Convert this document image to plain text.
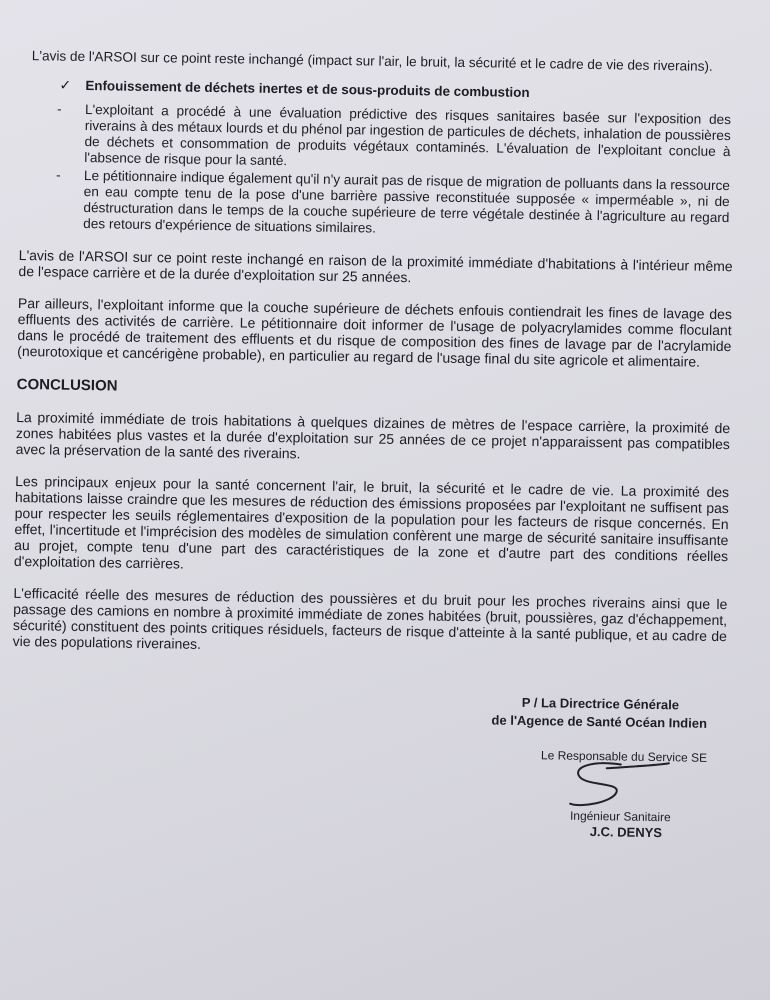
L'avis de l'ARSOI sur ce point reste inchangé (impact sur l'air, le bruit, la sécurité et le cadre de vie des riverains).

✓	Enfouissement de déchets inertes et de sous-produits de combustion
-	L'exploitant a procédé à une évaluation prédictive des risques sanitaires basée sur l'exposition des riverains à des métaux lourds et du phénol par ingestion de particules de déchets, inhalation de poussières de déchets et consommation de produits végétaux contaminés. L'évaluation de l'exploitant conclue à l'absence de risque pour la santé.
-	Le pétitionnaire indique également qu'il n'y aurait pas de risque de migration de polluants dans la ressource en eau compte tenu de la pose d'une barrière passive reconstituée supposée « imperméable », ni de déstructuration dans le temps de la couche supérieure de terre végétale destinée à l'agriculture au regard des retours d'expérience de situations similaires.

L'avis de l'ARSOI sur ce point reste inchangé en raison de la proximité immédiate d'habitations à l'intérieur même de l'espace carrière et de la durée d'exploitation sur 25 années.

Par ailleurs, l'exploitant informe que la couche supérieure de déchets enfouis contiendrait les fines de lavage des effluents des activités de carrière. Le pétitionnaire doit informer de l'usage de polyacrylamides comme floculant dans le procédé de traitement des effluents et du risque de composition des fines de lavage par de l'acrylamide (neurotoxique et cancérigène probable), en particulier au regard de l'usage final du site agricole et alimentaire.

CONCLUSION

La proximité immédiate de trois habitations à quelques dizaines de mètres de l'espace carrière, la proximité de zones habitées plus vastes et la durée d'exploitation sur 25 années de ce projet n'apparaissent pas compatibles avec la préservation de la santé des riverains.

Les principaux enjeux pour la santé concernent l'air, le bruit, la sécurité et le cadre de vie. La proximité des habitations laisse craindre que les mesures de réduction des émissions proposées par l'exploitant ne suffisent pas pour respecter les seuils réglementaires d'exposition de la population pour les facteurs de risque concernés. En effet, l'incertitude et l'imprécision des modèles de simulation confèrent une marge de sécurité sanitaire insuffisante au projet, compte tenu d'une part des caractéristiques de la zone et d'autre part des conditions réelles d'exploitation des carrières.

L'efficacité réelle des mesures de réduction des poussières et du bruit pour les proches riverains ainsi que le passage des camions en nombre à proximité immédiate de zones habitées (bruit, poussières, gaz d'échappement, sécurité) constituent des points critiques résiduels, facteurs de risque d'atteinte à la santé publique, et au cadre de vie des populations riveraines.

P / La Directrice Générale
de l'Agence de Santé Océan Indien
Le Responsable du Service SE
Ingénieur Sanitaire
J.C. DENYS
